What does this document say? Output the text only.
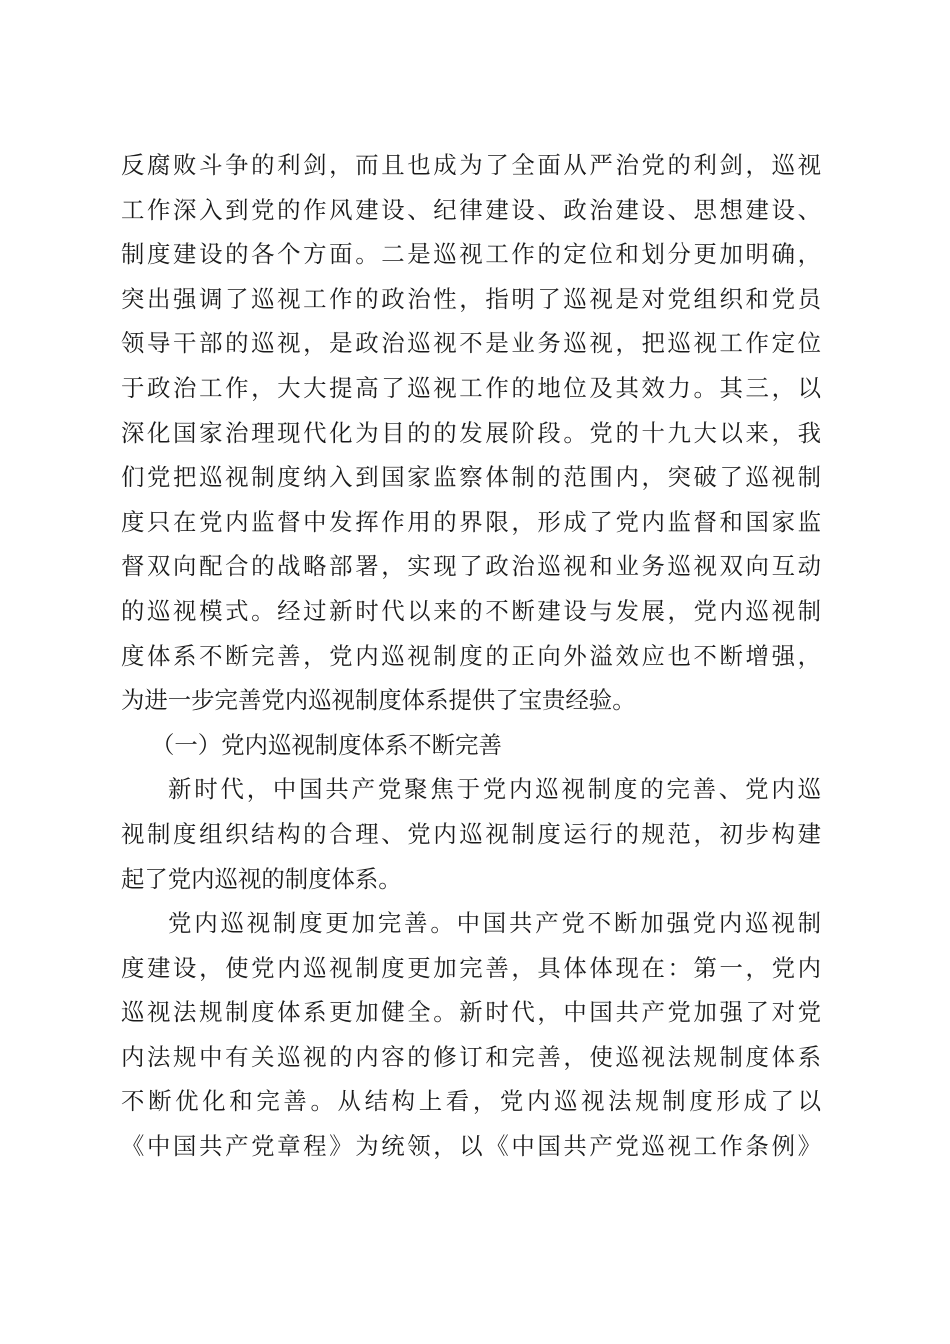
反腐败斗争的利剑，而且也成为了全面从严治党的利剑，巡视
工作深入到党的作风建设、纪律建设、政治建设、思想建设、
制度建设的各个方面。二是巡视工作的定位和划分更加明确，
突出强调了巡视工作的政治性，指明了巡视是对党组织和党员
领导干部的巡视，是政治巡视不是业务巡视，把巡视工作定位
于政治工作，大大提高了巡视工作的地位及其效力。其三，以
深化国家治理现代化为目的的发展阶段。党的十九大以来，我
们党把巡视制度纳入到国家监察体制的范围内，突破了巡视制
度只在党内监督中发挥作用的界限，形成了党内监督和国家监
督双向配合的战略部署，实现了政治巡视和业务巡视双向互动
的巡视模式。经过新时代以来的不断建设与发展，党内巡视制
度体系不断完善，党内巡视制度的正向外溢效应也不断增强，
为进一步完善党内巡视制度体系提供了宝贵经验。
（一）党内巡视制度体系不断完善
新时代，中国共产党聚焦于党内巡视制度的完善、党内巡
视制度组织结构的合理、党内巡视制度运行的规范，初步构建
起了党内巡视的制度体系。
党内巡视制度更加完善。中国共产党不断加强党内巡视制
度建设，使党内巡视制度更加完善，具体体现在：第一，党内
巡视法规制度体系更加健全。新时代，中国共产党加强了对党
内法规中有关巡视的内容的修订和完善，使巡视法规制度体系
不断优化和完善。从结构上看，党内巡视法规制度形成了以
《中国共产党章程》为统领，以《中国共产党巡视工作条例》
